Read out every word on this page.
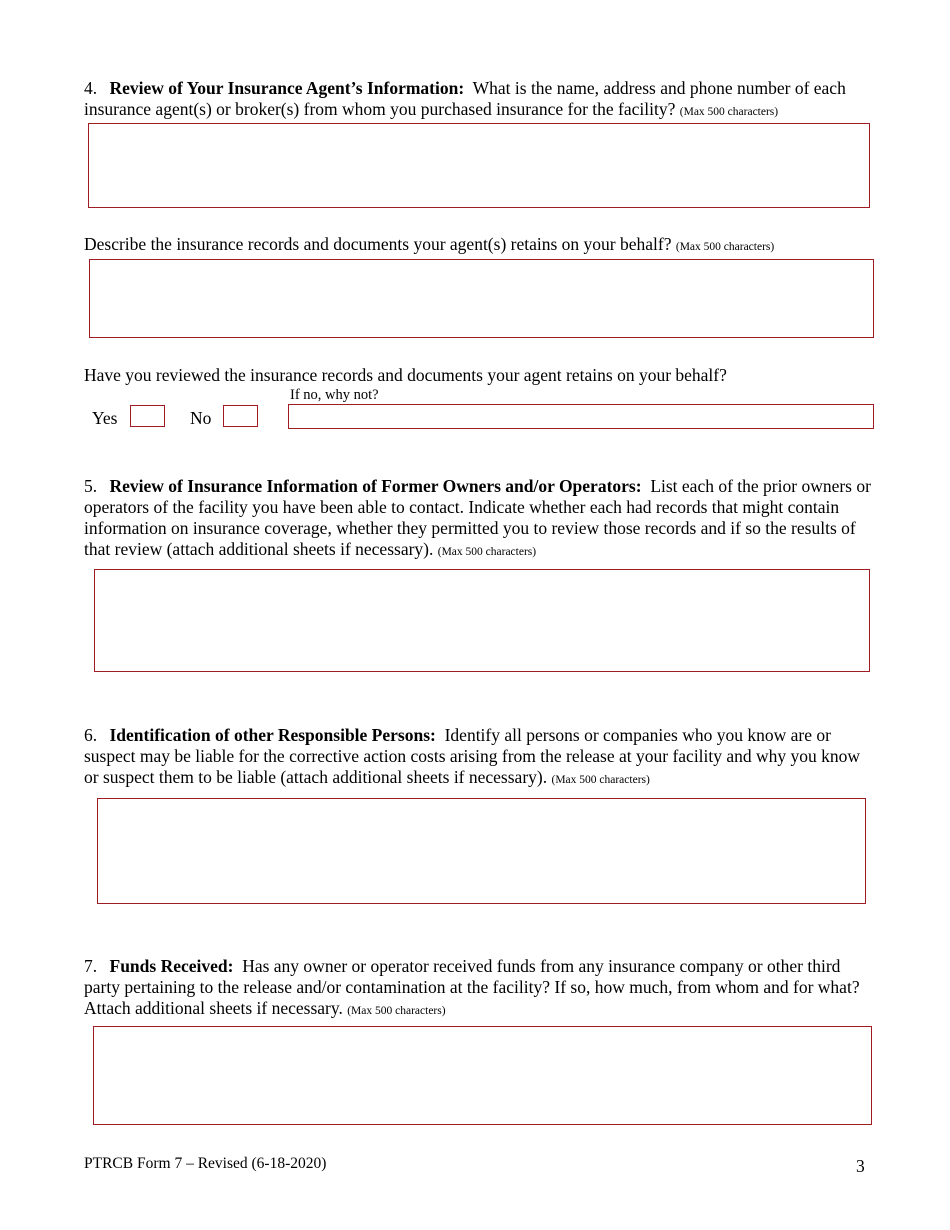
4. Review of Your Insurance Agent’s Information: What is the name, address and phone number of each insurance agent(s) or broker(s) from whom you purchased insurance for the facility? (Max 500 characters)

Describe the insurance records and documents your agent(s) retains on your behalf? (Max 500 characters)

Have you reviewed the insurance records and documents your agent retains on your behalf?

If no, why not?
Yes	No

5. Review of Insurance Information of Former Owners and/or Operators: List each of the prior owners or operators of the facility you have been able to contact. Indicate whether each had records that might contain information on insurance coverage, whether they permitted you to review those records and if so the results of that review (attach additional sheets if necessary). (Max 500 characters)

6. Identification of other Responsible Persons: Identify all persons or companies who you know are or suspect may be liable for the corrective action costs arising from the release at your facility and why you know or suspect them to be liable (attach additional sheets if necessary). (Max 500 characters)

7. Funds Received: Has any owner or operator received funds from any insurance company or other third party pertaining to the release and/or contamination at the facility? If so, how much, from whom and for what? Attach additional sheets if necessary. (Max 500 characters)

PTRCB Form 7 – Revised (6-18-2020)	3
